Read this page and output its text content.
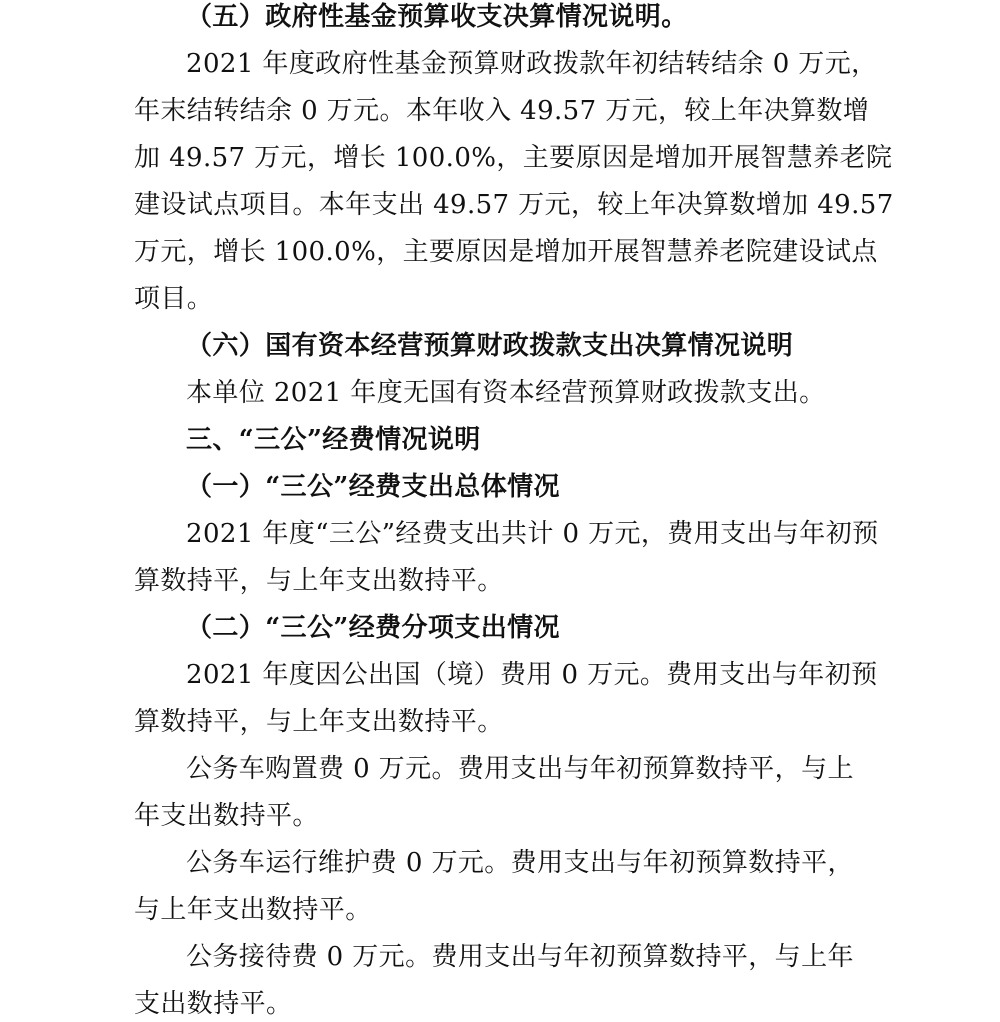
（五）政府性基金预算收支决算情况说明。
2021 年度政府性基金预算财政拨款年初结转结余 0 万元，
年末结转结余 0 万元。本年收入 49.57 万元，较上年决算数增
加 49.57 万元，增长 100.0%，主要原因是增加开展智慧养老院
建设试点项目。本年支出 49.57 万元，较上年决算数增加 49.57
万元，增长 100.0%，主要原因是增加开展智慧养老院建设试点
项目。
（六）国有资本经营预算财政拨款支出决算情况说明
本单位 2021 年度无国有资本经营预算财政拨款支出。
三、“三公”经费情况说明
（一）“三公”经费支出总体情况
2021 年度“三公”经费支出共计 0 万元，费用支出与年初预
算数持平，与上年支出数持平。
（二）“三公”经费分项支出情况
2021 年度因公出国（境）费用 0 万元。费用支出与年初预
算数持平，与上年支出数持平。
公务车购置费 0 万元。费用支出与年初预算数持平，与上
年支出数持平。
公务车运行维护费 0 万元。费用支出与年初预算数持平，
与上年支出数持平。
公务接待费 0 万元。费用支出与年初预算数持平，与上年
支出数持平。
